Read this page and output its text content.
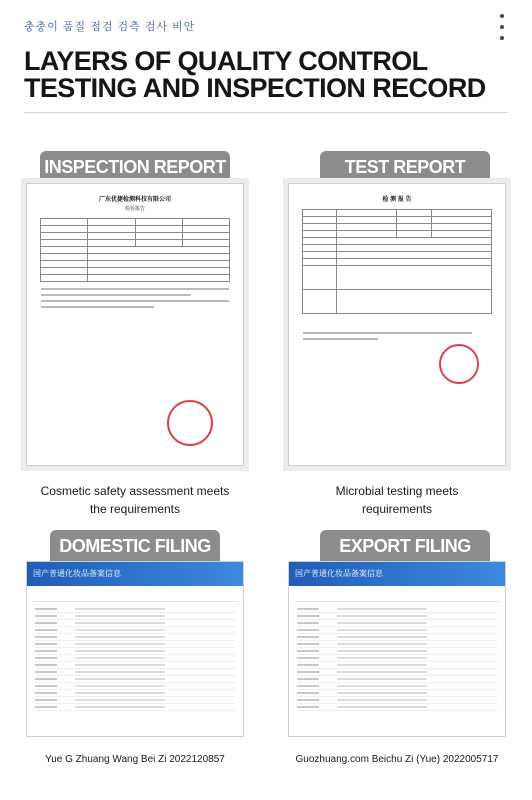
충충이 품질 점검 검측 검사 비안
LAYERS OF QUALITY CONTROL TESTING AND INSPECTION RECORD
INSPECTION REPORT
广东优捷检测科技有限公司
检验报告

Cosmetic safety assessment meets
the requirements
TEST REPORT
检 测 报 告

Microbial testing meets
requirements
DOMESTIC FILING
国产普通化妆品备案信息
Yue G Zhuang Wang Bei Zi 2022120857
EXPORT FILING
国产普通化妆品备案信息
Guozhuang.com Beichu Zi (Yue) 2022005717
